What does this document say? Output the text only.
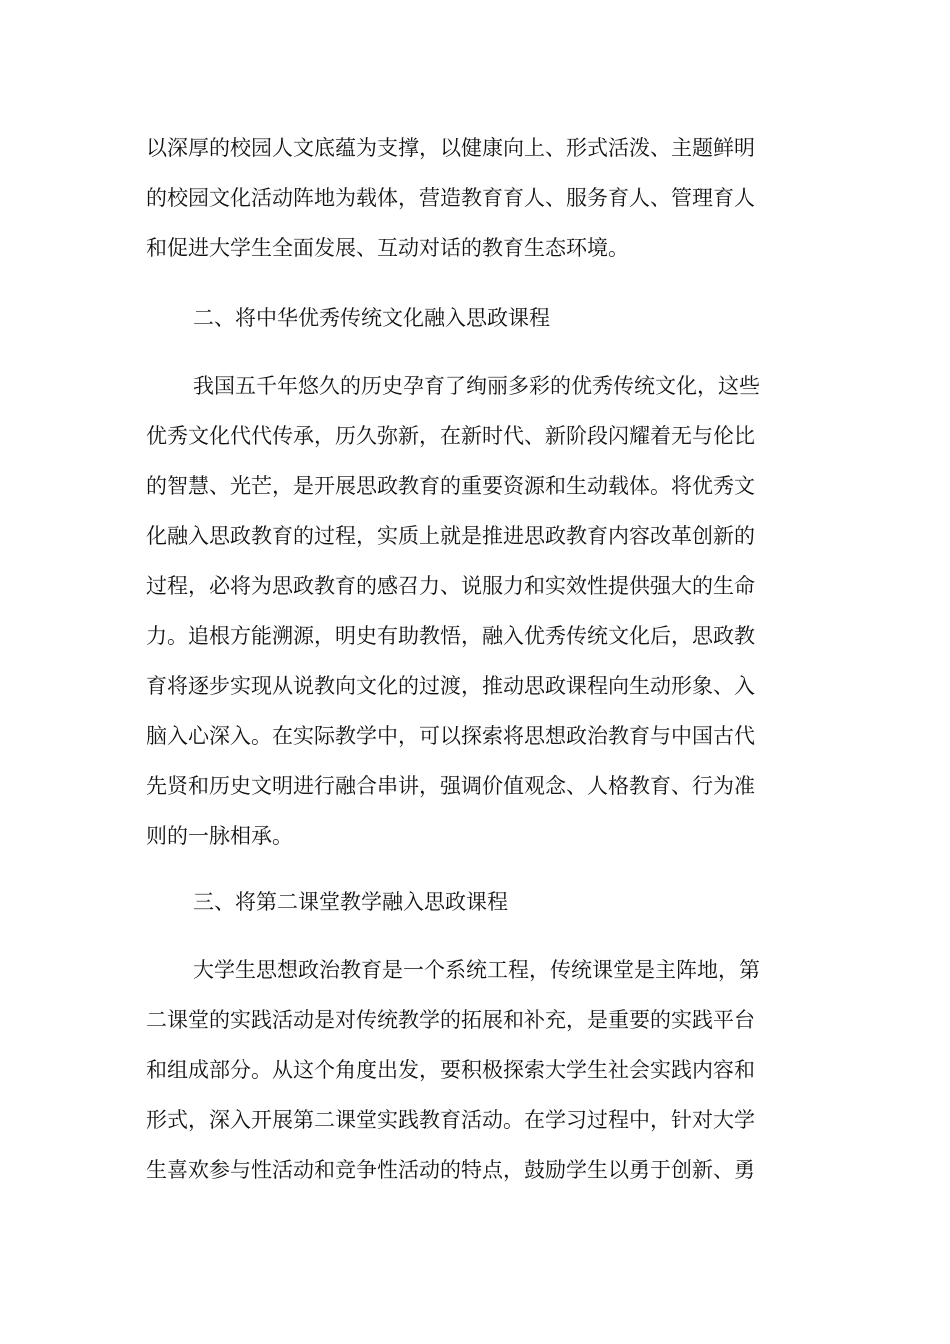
以深厚的校园人文底蕴为支撑，以健康向上、形式活泼、主题鲜明
的校园文化活动阵地为载体，营造教育育人、服务育人、管理育人
和促进大学生全面发展、互动对话的教育生态环境。
二、将中华优秀传统文化融入思政课程
我国五千年悠久的历史孕育了绚丽多彩的优秀传统文化，这些
优秀文化代代传承，历久弥新，在新时代、新阶段闪耀着无与伦比
的智慧、光芒，是开展思政教育的重要资源和生动载体。将优秀文
化融入思政教育的过程，实质上就是推进思政教育内容改革创新的
过程，必将为思政教育的感召力、说服力和实效性提供强大的生命
力。追根方能溯源，明史有助教悟，融入优秀传统文化后，思政教
育将逐步实现从说教向文化的过渡，推动思政课程向生动形象、入
脑入心深入。在实际教学中，可以探索将思想政治教育与中国古代
先贤和历史文明进行融合串讲，强调价值观念、人格教育、行为准
则的一脉相承。
三、将第二课堂教学融入思政课程
大学生思想政治教育是一个系统工程，传统课堂是主阵地，第
二课堂的实践活动是对传统教学的拓展和补充，是重要的实践平台
和组成部分。从这个角度出发，要积极探索大学生社会实践内容和
形式，深入开展第二课堂实践教育活动。在学习过程中，针对大学
生喜欢参与性活动和竞争性活动的特点，鼓励学生以勇于创新、勇
